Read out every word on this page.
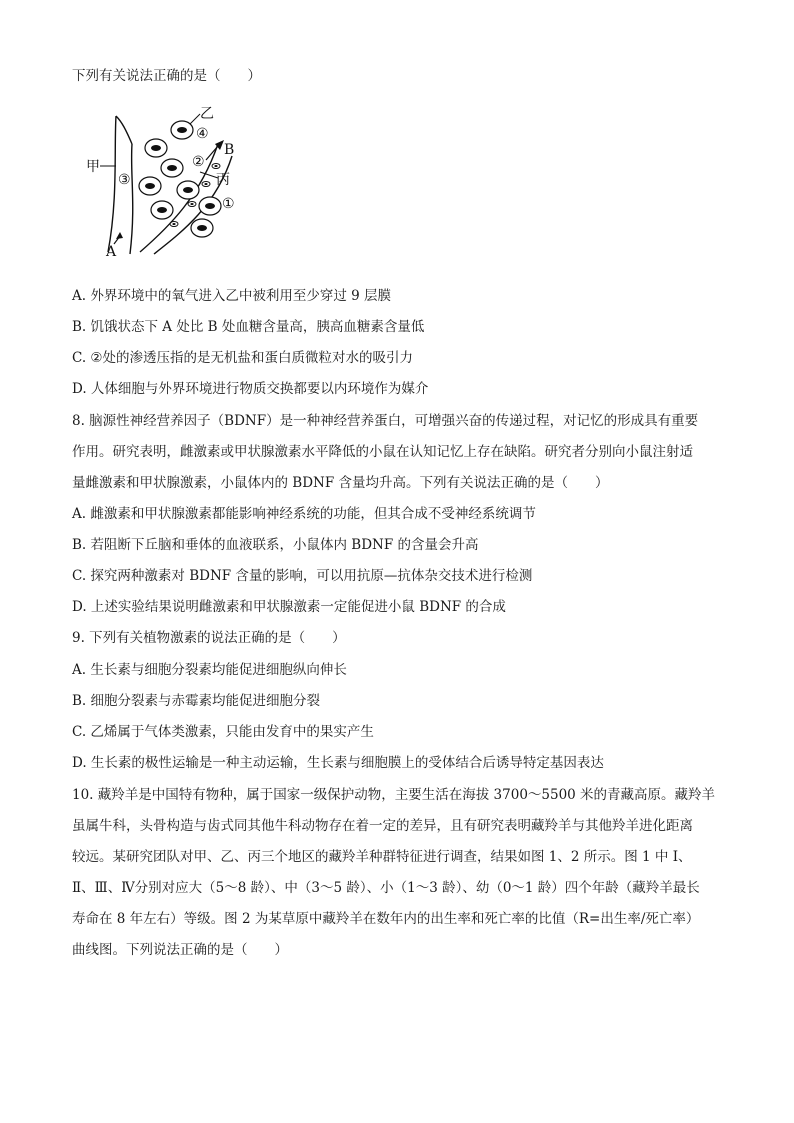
下列有关说法正确的是（　　）
甲
③
乙
④
B
②
丙
①
A
A. 外界环境中的氧气进入乙中被利用至少穿过 9 层膜
B. 饥饿状态下 A 处比 B 处血糖含量高，胰高血糖素含量低
C. ②处的渗透压指的是无机盐和蛋白质微粒对水的吸引力
D. 人体细胞与外界环境进行物质交换都要以内环境作为媒介
8. 脑源性神经营养因子（BDNF）是一种神经营养蛋白，可增强兴奋的传递过程，对记忆的形成具有重要
作用。研究表明，雌激素或甲状腺激素水平降低的小鼠在认知记忆上存在缺陷。研究者分别向小鼠注射适
量雌激素和甲状腺激素，小鼠体内的 BDNF 含量均升高。下列有关说法正确的是（　　）
A. 雌激素和甲状腺激素都能影响神经系统的功能，但其合成不受神经系统调节
B. 若阻断下丘脑和垂体的血液联系，小鼠体内 BDNF 的含量会升高
C. 探究两种激素对 BDNF 含量的影响，可以用抗原—抗体杂交技术进行检测
D. 上述实验结果说明雌激素和甲状腺激素一定能促进小鼠 BDNF 的合成
9. 下列有关植物激素的说法正确的是（　　）
A. 生长素与细胞分裂素均能促进细胞纵向伸长
B. 细胞分裂素与赤霉素均能促进细胞分裂
C. 乙烯属于气体类激素，只能由发育中的果实产生
D. 生长素的极性运输是一种主动运输，生长素与细胞膜上的受体结合后诱导特定基因表达
10. 藏羚羊是中国特有物种，属于国家一级保护动物，主要生活在海拔 3700～5500 米的青藏高原。藏羚羊
虽属牛科，头骨构造与齿式同其他牛科动物存在着一定的差异，且有研究表明藏羚羊与其他羚羊进化距离
较远。某研究团队对甲、乙、丙三个地区的藏羚羊种群特征进行调查，结果如图 1、2 所示。图 1 中 I、
Ⅱ、Ⅲ、Ⅳ分别对应大（5～8 龄）、中（3～5 龄）、小（1～3 龄）、幼（0～1 龄）四个年龄（藏羚羊最长
寿命在 8 年左右）等级。图 2 为某草原中藏羚羊在数年内的出生率和死亡率的比值（R=出生率/死亡率）
曲线图。下列说法正确的是（　　）
